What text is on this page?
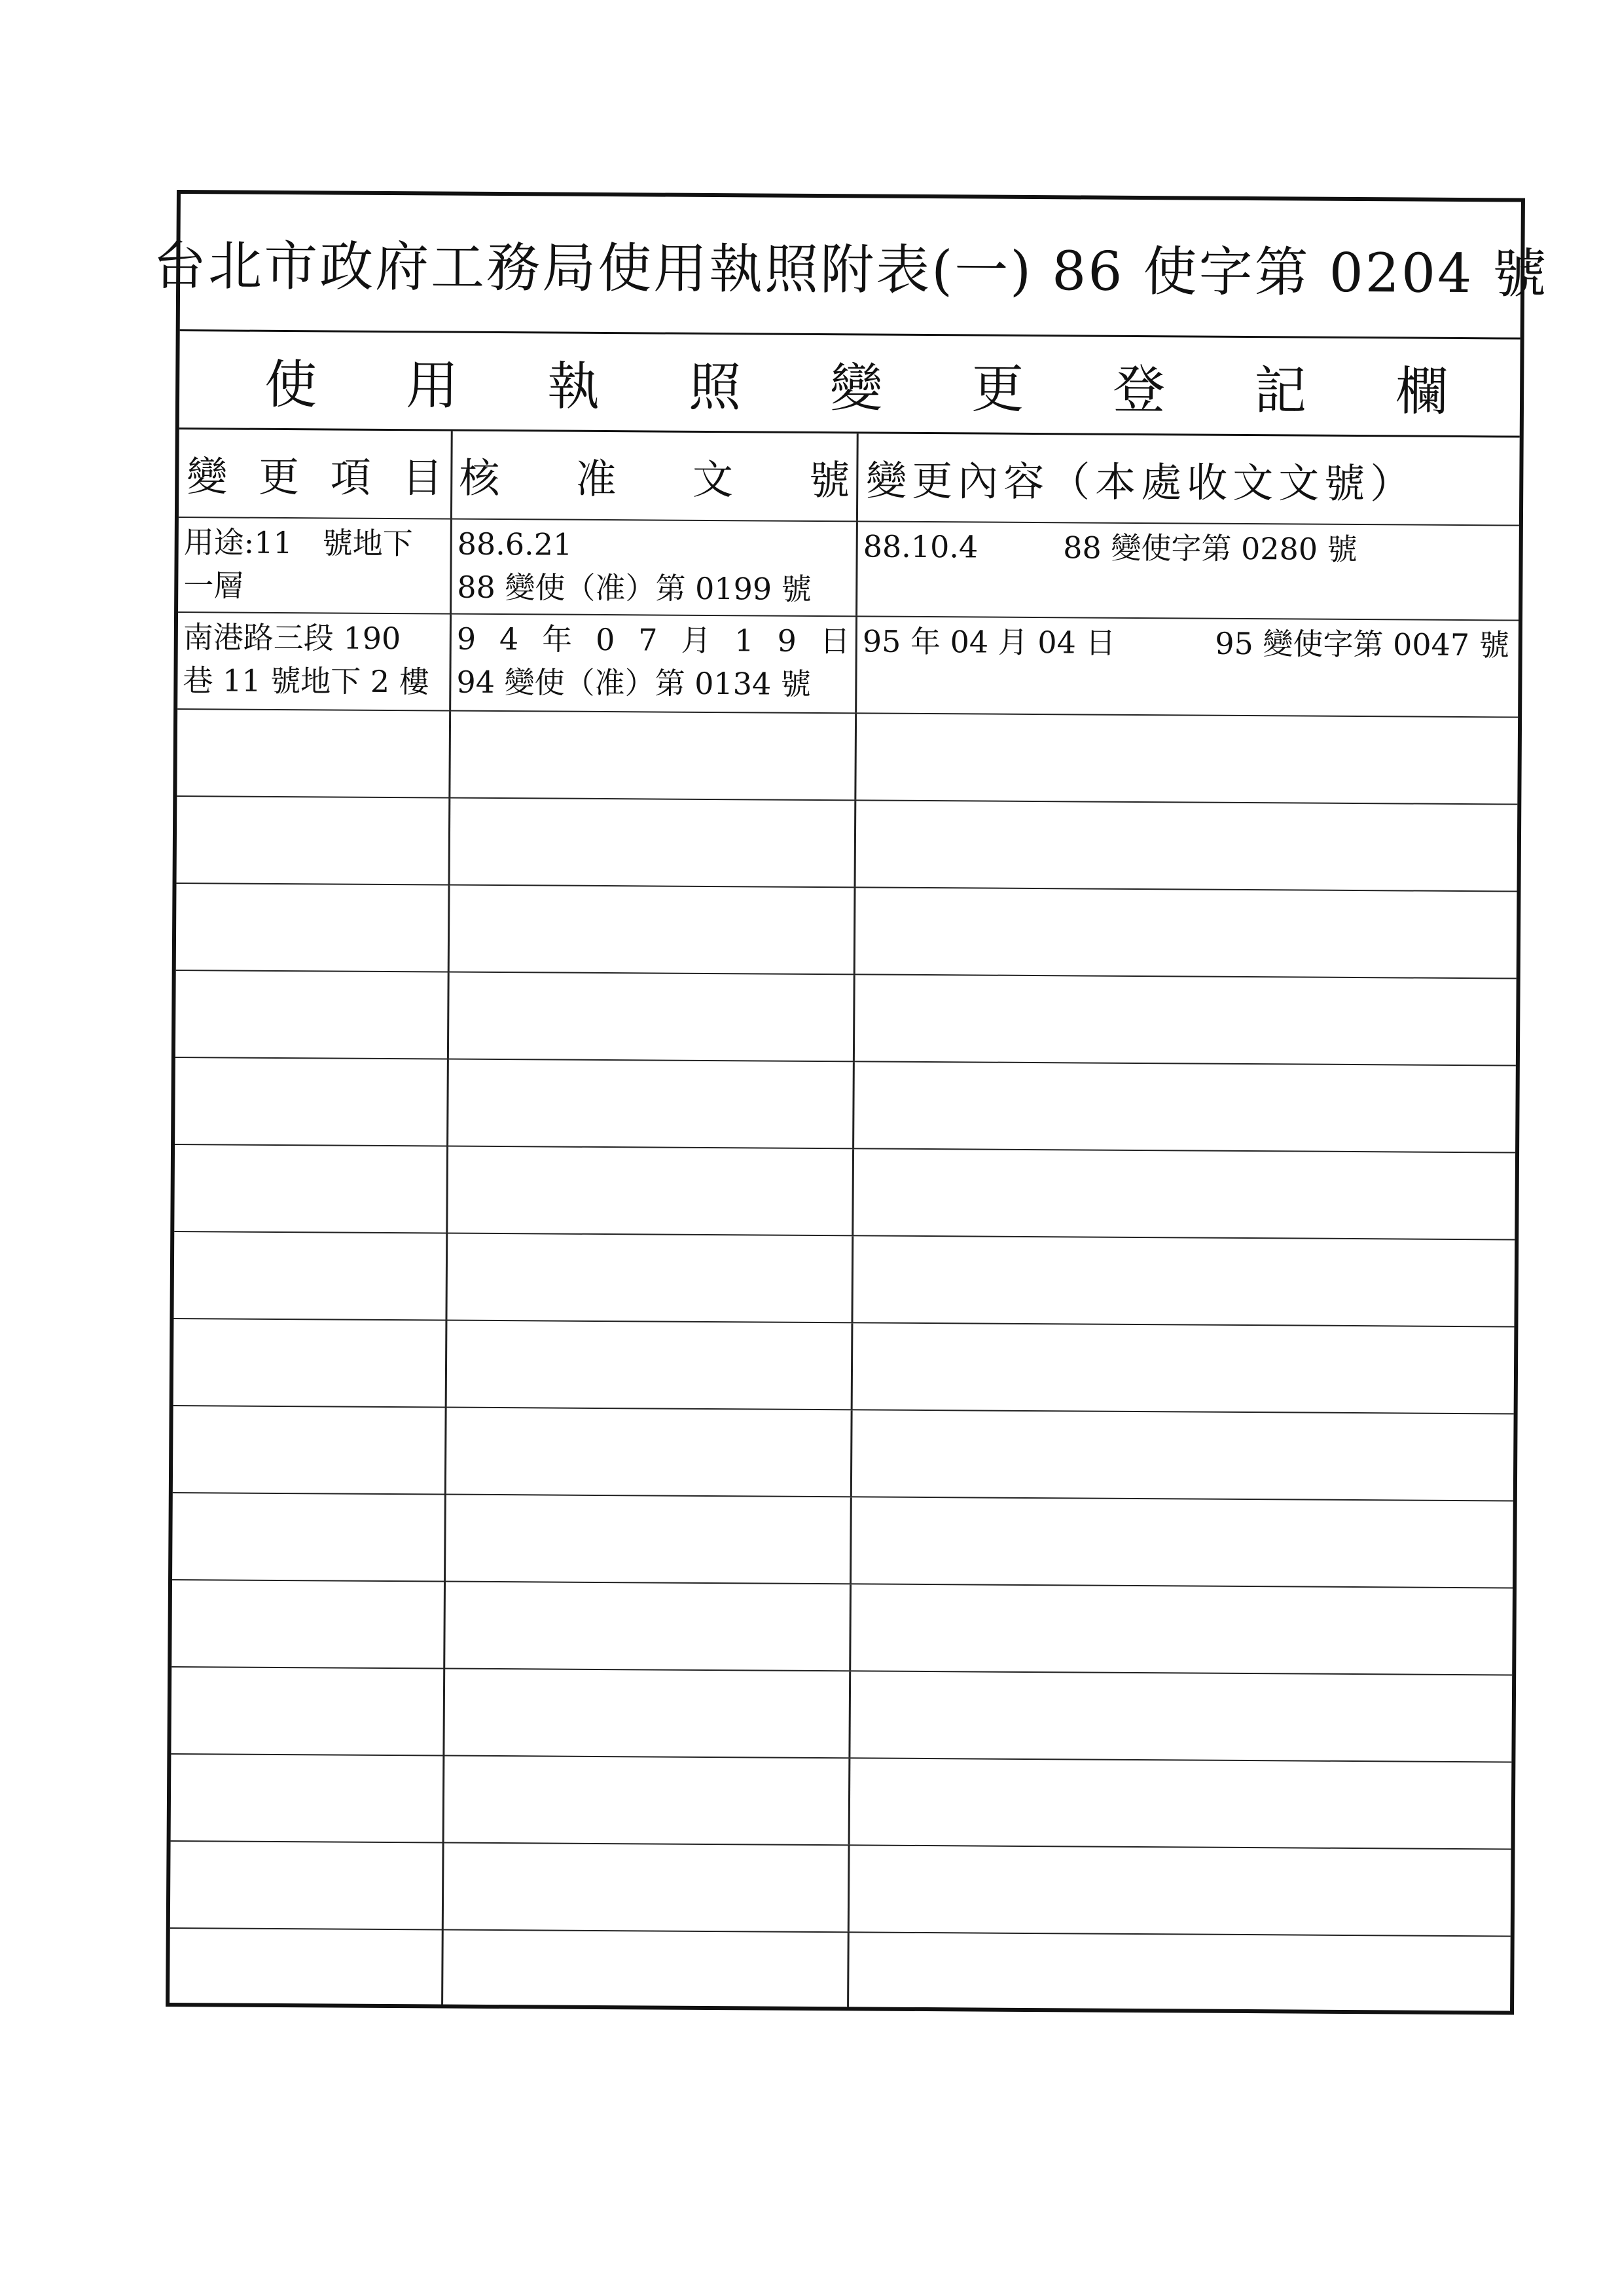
台北市政府工務局使用執照附表(一) 86 使字第 0204 號
使 用 執 照 變 更 登 記 欄
變 更 項 目 核 准 文 號 變更內容（本處收文文號）
用途:11　號地下
一層
88.6.21
88 變使（准）第 0199 號
88.10.4	88 變使字第 0280 號
南港路三段 190
巷 11 號地下 2 樓
9 4 年 0 7 月 1 9 日
94 變使（准）第 0134 號
95 年 04 月 04 日	95 變使字第 0047 號
